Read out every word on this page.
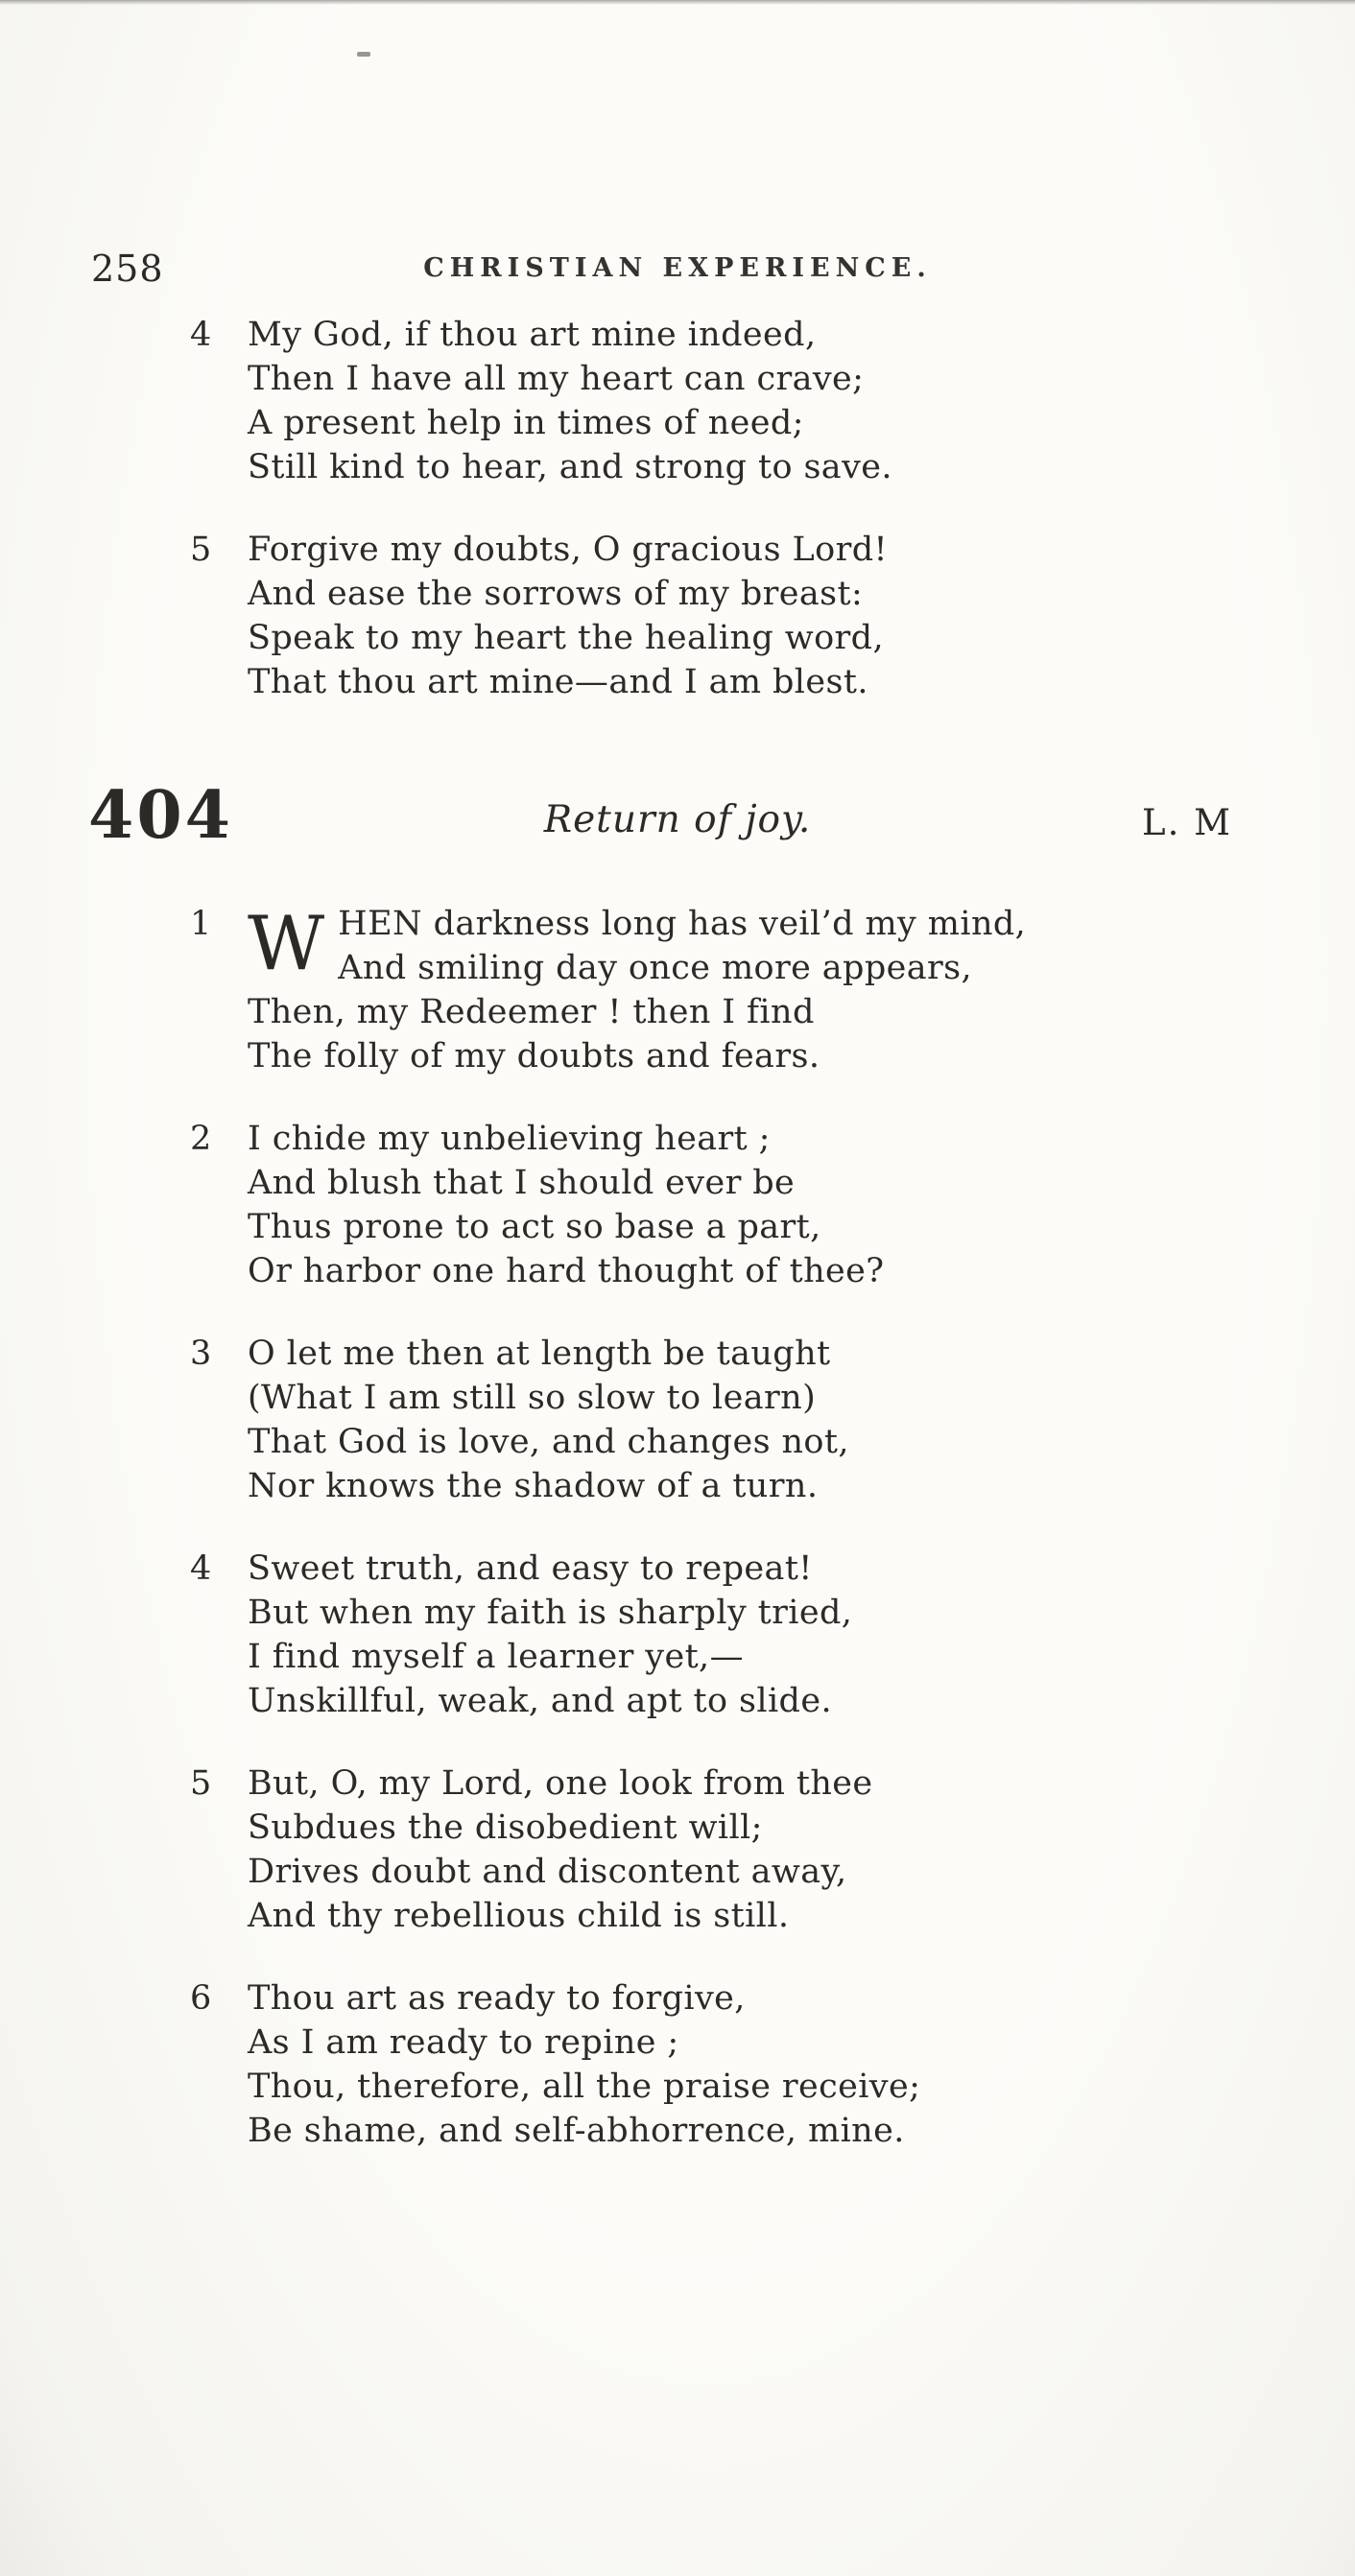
258	CHRISTIAN EXPERIENCE.
4	My God, if thou art mine indeed,
Then I have all my heart can crave;
A present help in times of need;
Still kind to hear, and strong to save.
5	Forgive my doubts, O gracious Lord!
And ease the sorrows of my breast:
Speak to my heart the healing word,
That thou art mine—and I am blest.
404	Return of joy.	L. M
1 W HEN darkness long has veil’d my mind,
And smiling day once more appears,
Then, my Redeemer ! then I find
The folly of my doubts and fears.
2	I chide my unbelieving heart ;
And blush that I should ever be
Thus prone to act so base a part,
Or harbor one hard thought of thee?
3	O let me then at length be taught
(What I am still so slow to learn)
That God is love, and changes not,
Nor knows the shadow of a turn.
4	Sweet truth, and easy to repeat!
But when my faith is sharply tried,
I find myself a learner yet,—
Unskillful, weak, and apt to slide.
5	But, O, my Lord, one look from thee
Subdues the disobedient will;
Drives doubt and discontent away,
And thy rebellious child is still.
6	Thou art as ready to forgive,
As I am ready to repine ;
Thou, therefore, all the praise receive;
Be shame, and self-abhorrence, mine.
